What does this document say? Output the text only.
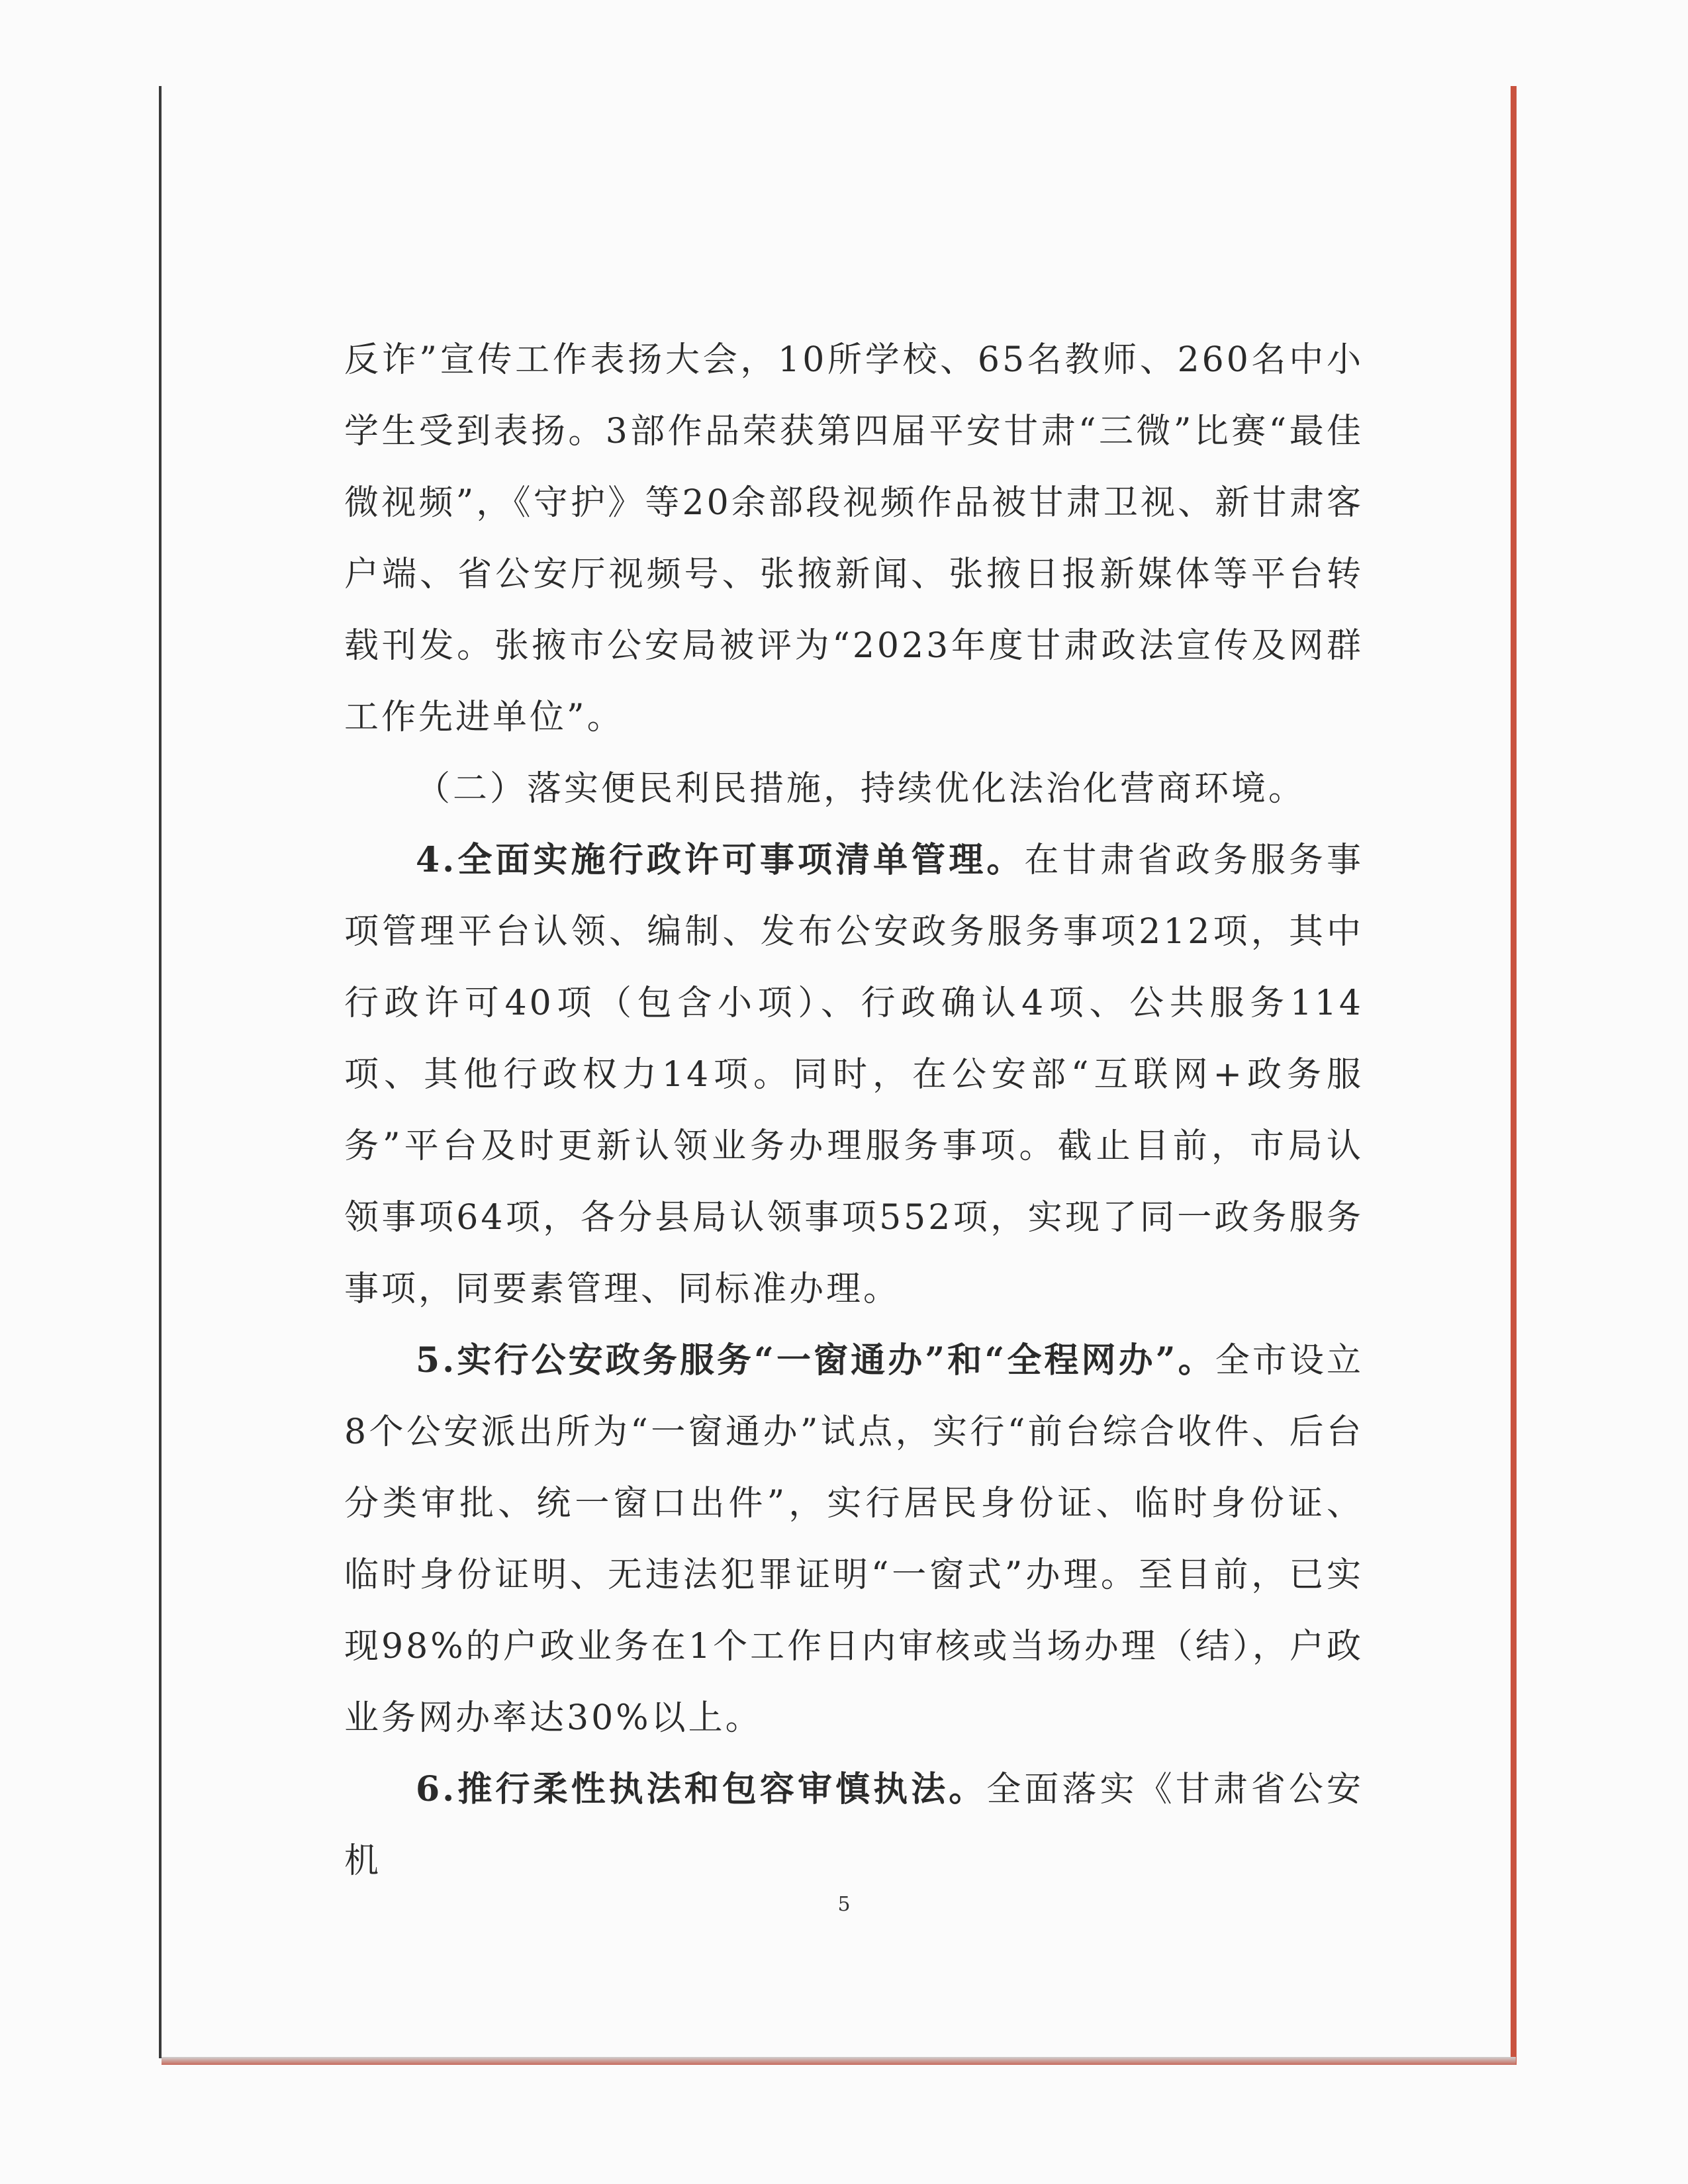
反诈”宣传工作表扬大会，10所学校、65名教师、260名中小学生受到表扬。3部作品荣获第四届平安甘肃“三微”比赛“最佳微视频”，《守护》等20余部段视频作品被甘肃卫视、新甘肃客户端、省公安厅视频号、张掖新闻、张掖日报新媒体等平台转载刊发。张掖市公安局被评为“2023年度甘肃政法宣传及网群工作先进单位”。

（二）落实便民利民措施，持续优化法治化营商环境。

4.全面实施行政许可事项清单管理。在甘肃省政务服务事项管理平台认领、编制、发布公安政务服务事项212项，其中行政许可40项（包含小项）、行政确认4项、公共服务114项、其他行政权力14项。同时，在公安部“互联网+政务服务”平台及时更新认领业务办理服务事项。截止目前，市局认领事项64项，各分县局认领事项552项，实现了同一政务服务事项，同要素管理、同标准办理。

5.实行公安政务服务“一窗通办”和“全程网办”。全市设立8个公安派出所为“一窗通办”试点，实行“前台综合收件、后台分类审批、统一窗口出件”，实行居民身份证、临时身份证、临时身份证明、无违法犯罪证明“一窗式”办理。至目前，已实现98%的户政业务在1个工作日内审核或当场办理（结），户政业务网办率达30%以上。

6.推行柔性执法和包容审慎执法。全面落实《甘肃省公安机

5
